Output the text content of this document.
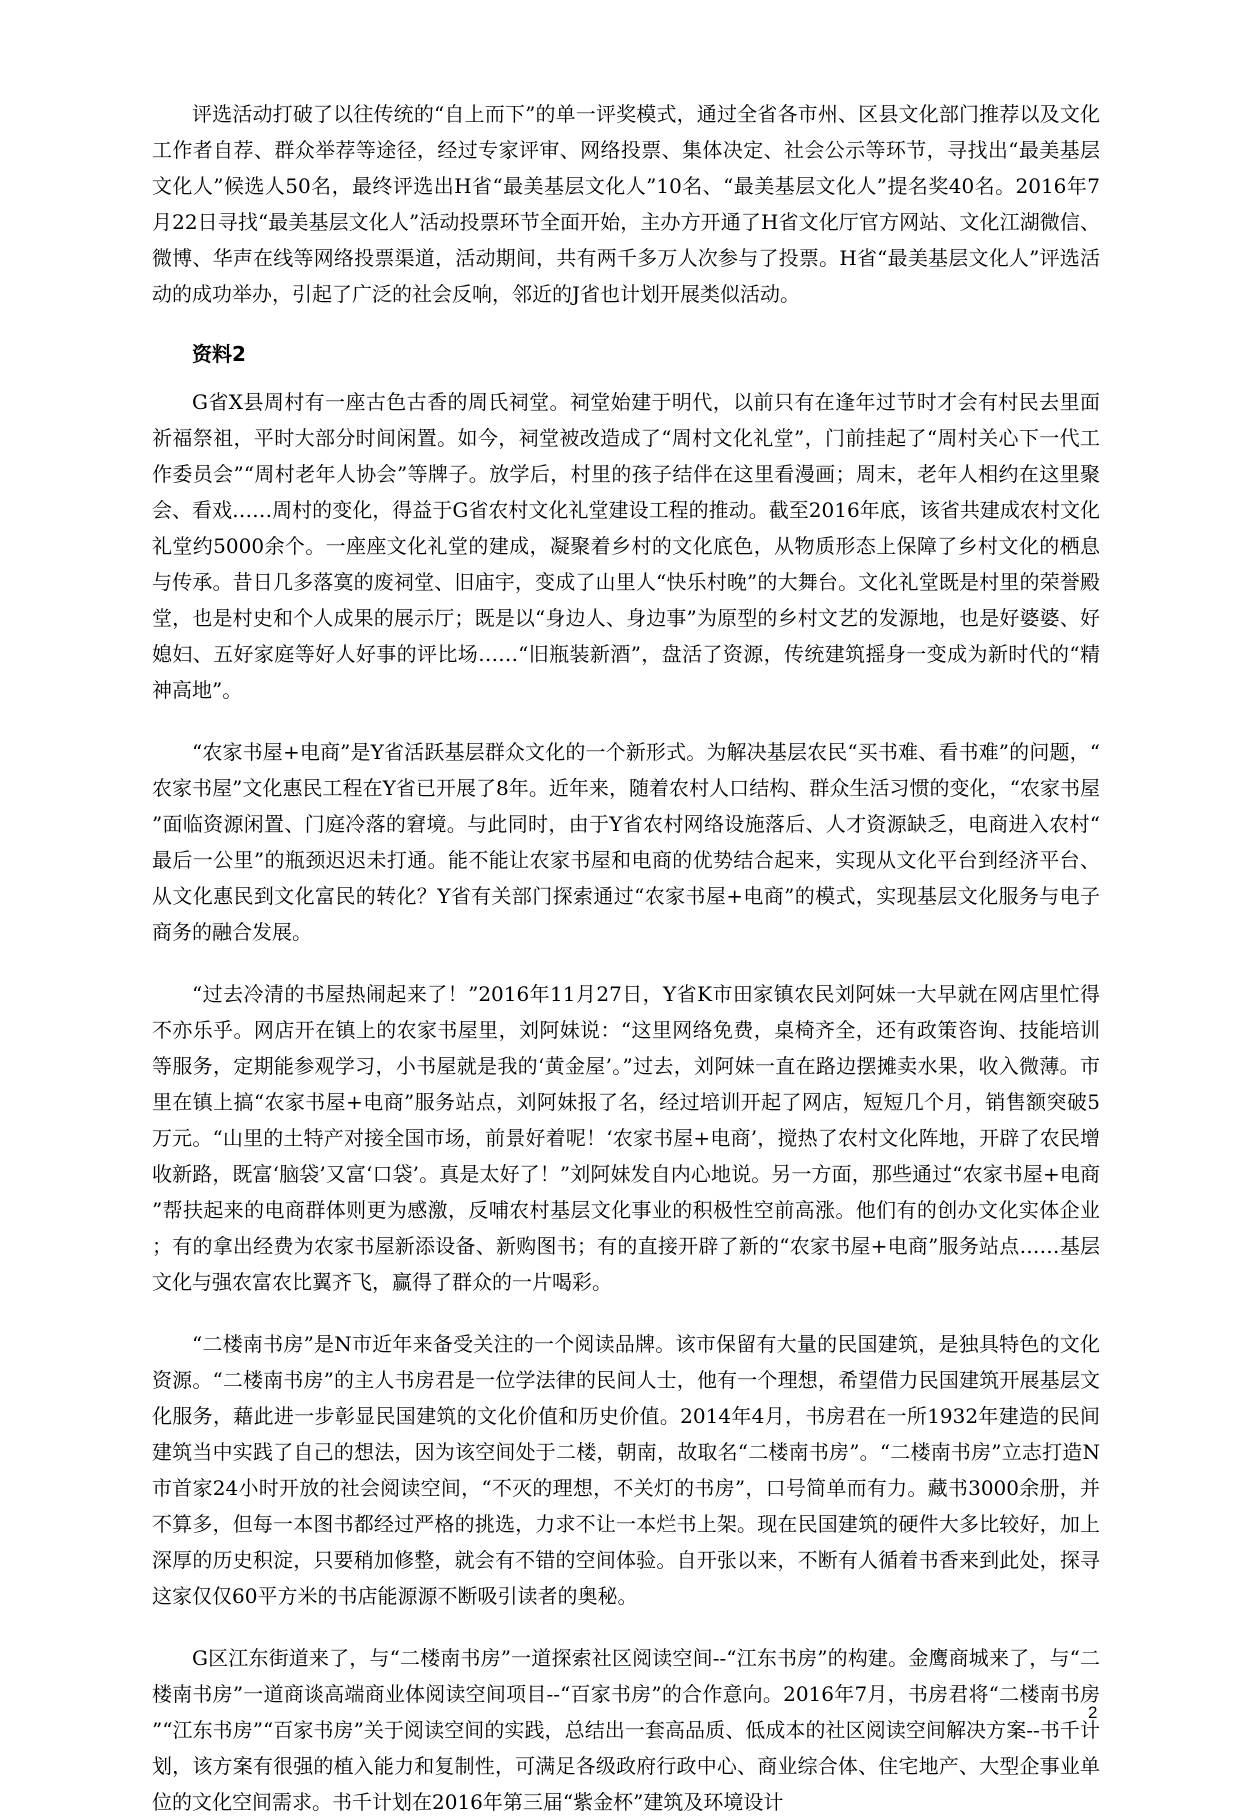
评选活动打破了以往传统的“自上而下”的单一评奖模式，通过全省各市州、区县文化部门推荐以及文化工作者自荐、群众举荐等途径，经过专家评审、网络投票、集体决定、社会公示等环节，寻找出“最美基层文化人”候选人50名，最终评选出H省“最美基层文化人”10名、“最美基层文化人”提名奖40名。2016年7月22日寻找“最美基层文化人”活动投票环节全面开始，主办方开通了H省文化厅官方网站、文化江湖微信、微博、华声在线等网络投票渠道，活动期间，共有两千多万人次参与了投票。H省“最美基层文化人”评选活动的成功举办，引起了广泛的社会反响，邻近的J省也计划开展类似活动。

资料2

G省X县周村有一座古色古香的周氏祠堂。祠堂始建于明代，以前只有在逢年过节时才会有村民去里面祈福祭祖，平时大部分时间闲置。如今，祠堂被改造成了“周村文化礼堂”，门前挂起了“周村关心下一代工作委员会”“周村老年人协会”等牌子。放学后，村里的孩子结伴在这里看漫画；周末，老年人相约在这里聚会、看戏……周村的变化，得益于G省农村文化礼堂建设工程的推动。截至2016年底，该省共建成农村文化礼堂约5000余个。一座座文化礼堂的建成，凝聚着乡村的文化底色，从物质形态上保障了乡村文化的栖息与传承。昔日几多落寞的废祠堂、旧庙宇，变成了山里人“快乐村晚”的大舞台。文化礼堂既是村里的荣誉殿堂，也是村史和个人成果的展示厅；既是以“身边人、身边事”为原型的乡村文艺的发源地，也是好婆婆、好媳妇、五好家庭等好人好事的评比场……“旧瓶装新酒”，盘活了资源，传统建筑摇身一变成为新时代的“精神高地”。

“农家书屋+电商”是Y省活跃基层群众文化的一个新形式。为解决基层农民“买书难、看书难”的问题，“农家书屋”文化惠民工程在Y省已开展了8年。近年来，随着农村人口结构、群众生活习惯的变化，“农家书屋”面临资源闲置、门庭冷落的窘境。与此同时，由于Y省农村网络设施落后、人才资源缺乏，电商进入农村“最后一公里”的瓶颈迟迟未打通。能不能让农家书屋和电商的优势结合起来，实现从文化平台到经济平台、从文化惠民到文化富民的转化？Y省有关部门探索通过“农家书屋+电商”的模式，实现基层文化服务与电子商务的融合发展。

“过去冷清的书屋热闹起来了！”2016年11月27日，Y省K市田家镇农民刘阿妹一大早就在网店里忙得不亦乐乎。网店开在镇上的农家书屋里，刘阿妹说：“这里网络免费，桌椅齐全，还有政策咨询、技能培训等服务，定期能参观学习，小书屋就是我的‘黄金屋’。”过去，刘阿妹一直在路边摆摊卖水果，收入微薄。市里在镇上搞“农家书屋+电商”服务站点，刘阿妹报了名，经过培训开起了网店，短短几个月，销售额突破5万元。“山里的土特产对接全国市场，前景好着呢！‘农家书屋+电商’，搅热了农村文化阵地，开辟了农民增收新路，既富‘脑袋’又富‘口袋’。真是太好了！”刘阿妹发自内心地说。另一方面，那些通过“农家书屋+电商”帮扶起来的电商群体则更为感激，反哺农村基层文化事业的积极性空前高涨。他们有的创办文化实体企业；有的拿出经费为农家书屋新添设备、新购图书；有的直接开辟了新的“农家书屋+电商”服务站点……基层文化与强农富农比翼齐飞，赢得了群众的一片喝彩。

“二楼南书房”是N市近年来备受关注的一个阅读品牌。该市保留有大量的民国建筑，是独具特色的文化资源。“二楼南书房”的主人书房君是一位学法律的民间人士，他有一个理想，希望借力民国建筑开展基层文化服务，藉此进一步彰显民国建筑的文化价值和历史价值。2014年4月，书房君在一所1932年建造的民间建筑当中实践了自己的想法，因为该空间处于二楼，朝南，故取名“二楼南书房”。“二楼南书房”立志打造N市首家24小时开放的社会阅读空间，“不灭的理想，不关灯的书房”，口号简单而有力。藏书3000余册，并不算多，但每一本图书都经过严格的挑选，力求不让一本烂书上架。现在民国建筑的硬件大多比较好，加上深厚的历史积淀，只要稍加修整，就会有不错的空间体验。自开张以来，不断有人循着书香来到此处，探寻这家仅仅60平方米的书店能源源不断吸引读者的奥秘。

G区江东街道来了，与“二楼南书房”一道探索社区阅读空间--“江东书房”的构建。金鹰商城来了，与“二楼南书房”一道商谈高端商业体阅读空间项目--“百家书房”的合作意向。2016年7月，书房君将“二楼南书房”“江东书房”“百家书房”关于阅读空间的实践，总结出一套高品质、低成本的社区阅读空间解决方案--书千计划，该方案有很强的植入能力和复制性，可满足各级政府行政中心、商业综合体、住宅地产、大型企事业单位的文化空间需求。书千计划在2016年第三届“紫金杯”建筑及环境设计

2
